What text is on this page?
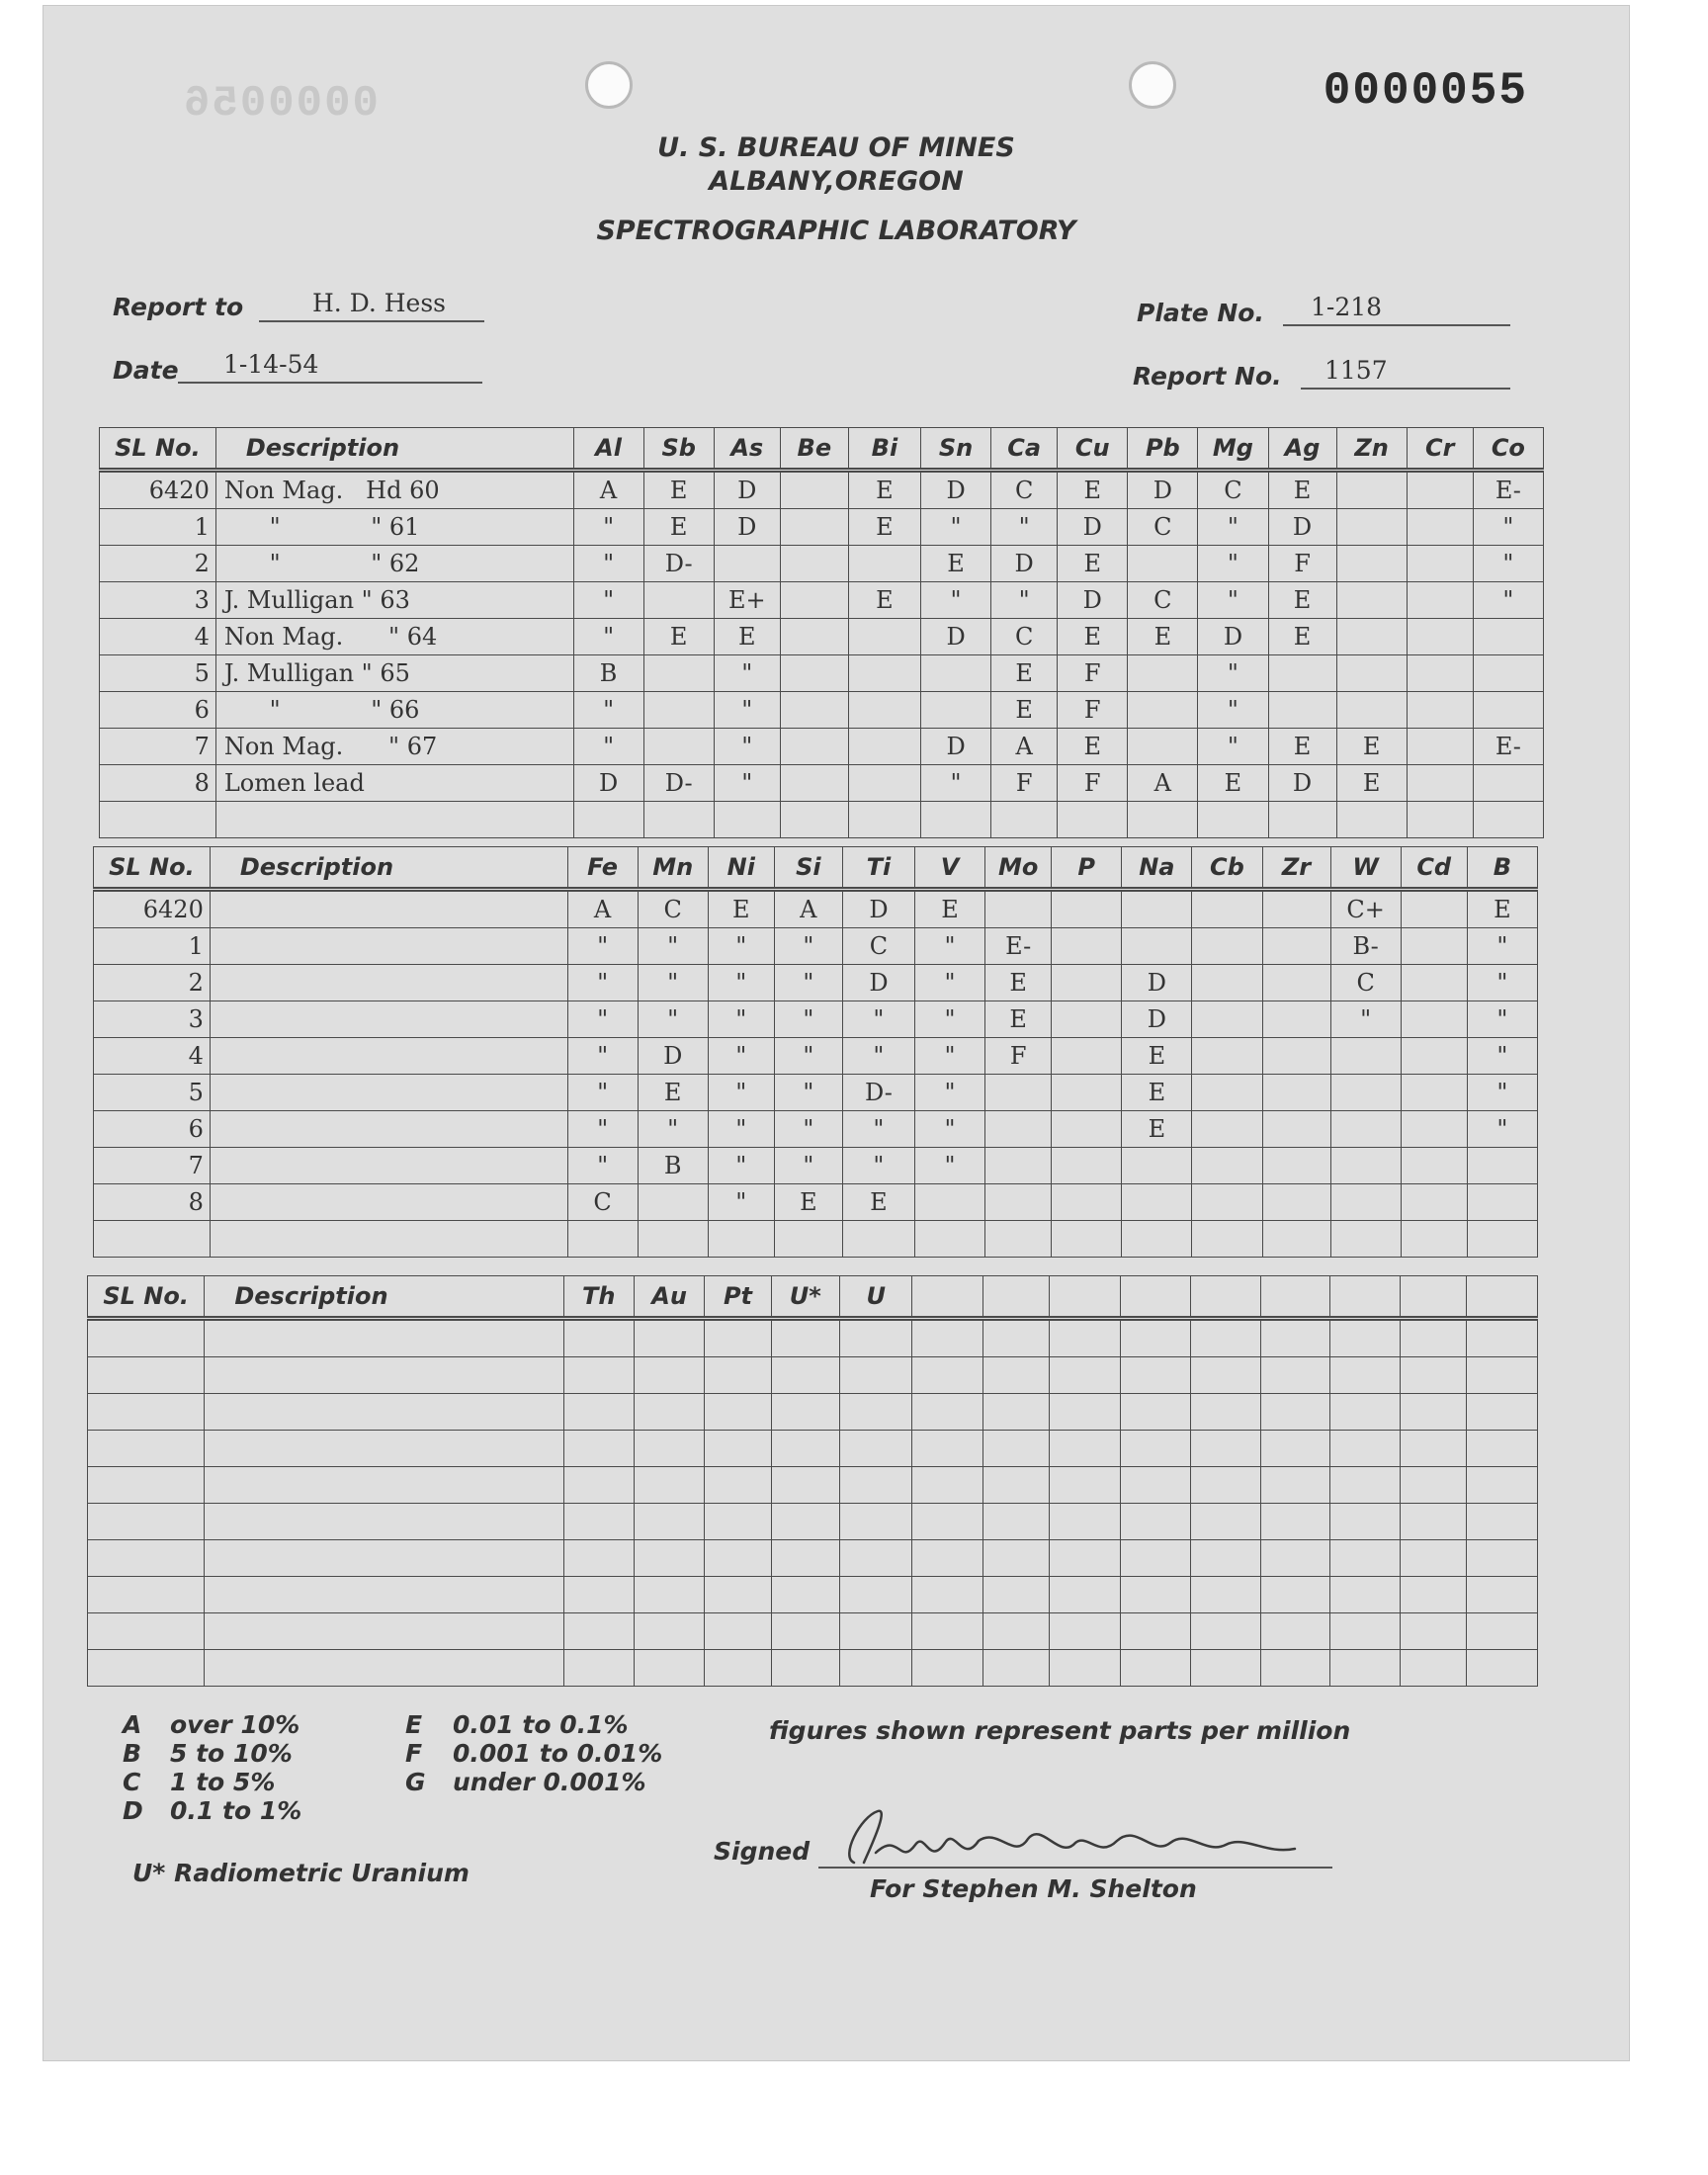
0000056	0000055
U. S. BUREAU OF MINES
ALBANY,OREGON
SPECTROGRAPHIC LABORATORY
Report to	H. D. Hess
Date 1-14-54
Plate No. 1-218
Report No. 1157
SL No.	Description	Al	Sb	As	Be	Bi	Sn	Ca	Cu	Pb	Mg	Ag	Zn	Cr	Co
6420	Non Mag.   Hd 60	A	E	D		E	D	C	E	D	C	E			E-
1	"            " 61	"	E	D		E	"	"	D	C	"	D			"
2	"            " 62	"	D-				E	D	E		"	F			"
3	J. Mulligan " 63	"		E+		E	"	"	D	C	"	E			"
4	Non Mag.      " 64	"	E	E			D	C	E	E	D	E			
5	J. Mulligan " 65	B		"				E	F		"				
6	"            " 66	"		"				E	F		"				
7	Non Mag.      " 67	"		"			D	A	E		"	E	E		E-
8	Lomen lead	D	D-	"			"	F	F	A	E	D	E		

SL No.	Description	Fe	Mn	Ni	Si	Ti	V	Mo	P	Na	Cb	Zr	W	Cd	B
6420		A	C	E	A	D	E						C+		E
1		"	"	"	"	C	"	E-					B-		"
2		"	"	"	"	D	"	E		D			C		"
3		"	"	"	"	"	"	E		D			"		"
4		"	D	"	"	"	"	F		E					"
5		"	E	"	"	D-	"			E					"
6		"	"	"	"	"	"			E					"
7		"	B	"	"	"	"								
8		C		"	E	E									

SL No.	Description	Th	Au	Pt	U*	U									

A over 10%
B 5 to 10%
C 1 to 5%
D 0.1 to 1%
E 0.01 to 0.1%
F 0.001 to 0.01%
G under 0.001%
figures shown represent parts per million
U* Radiometric Uranium
Signed
For Stephen M. Shelton
